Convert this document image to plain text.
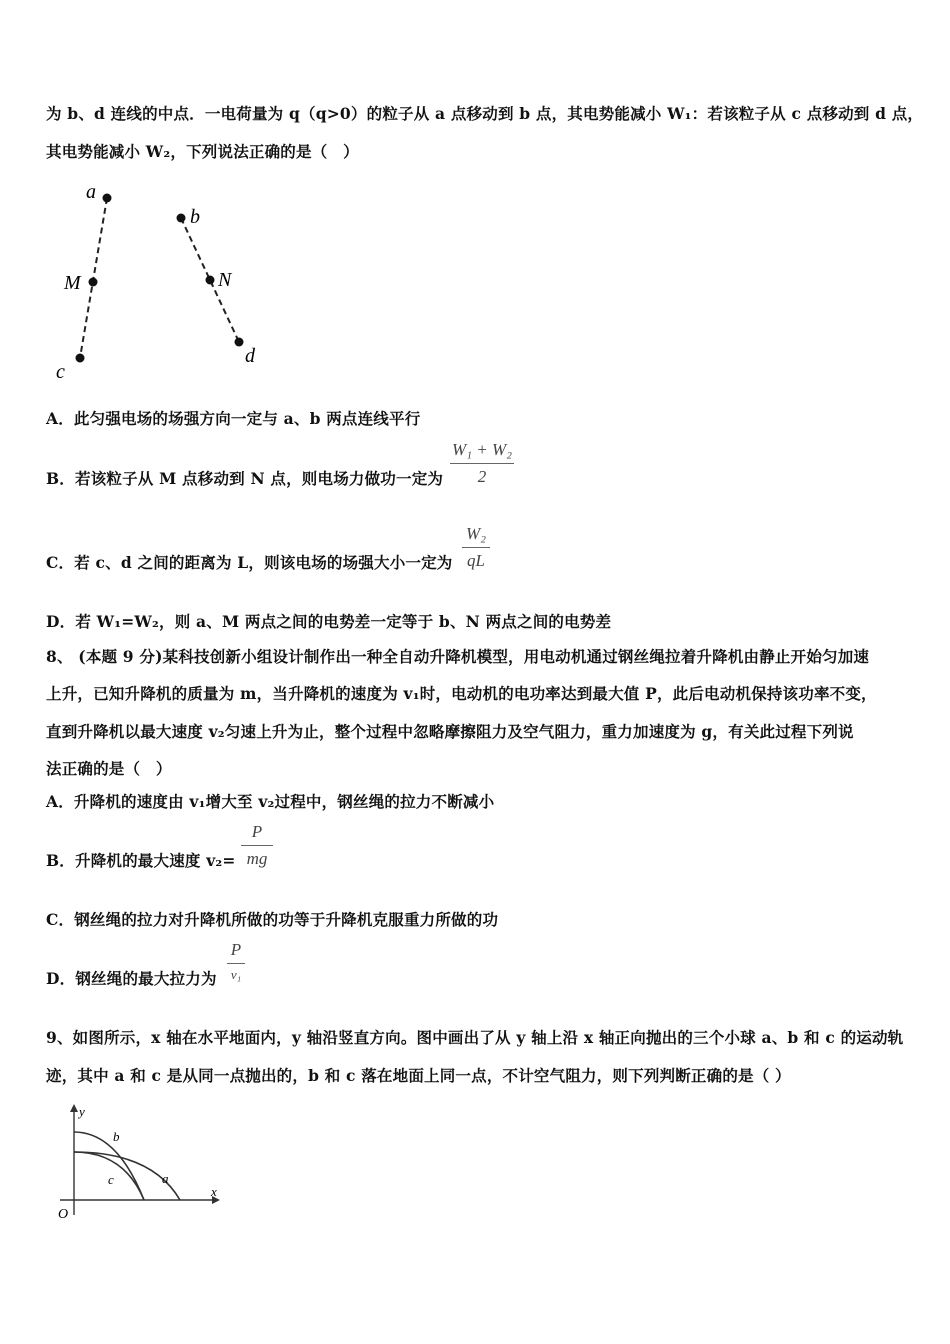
为 b、d 连线的中点．一电荷量为 q（q>0）的粒子从 a 点移动到 b 点，其电势能减小 W₁：若该粒子从 c 点移动到 d 点，
其电势能减小 W₂，下列说法正确的是（　）
a
M
c
b
N
d
A．此匀强电场的场强方向一定与 a、b 两点连线平行
B．若该粒子从 M 点移动到 N 点，则电场力做功一定为
W₁ + W₂
2
C．若 c、d 之间的距离为 L，则该电场的场强大小一定为
W₂
qL
D．若 W₁=W₂，则 a、M 两点之间的电势差一定等于 b、N 两点之间的电势差
8、 (本题 9 分)某科技创新小组设计制作出一种全自动升降机模型，用电动机通过钢丝绳拉着升降机由静止开始匀加速
上升，已知升降机的质量为 m，当升降机的速度为 v₁时，电动机的电功率达到最大值 P，此后电动机保持该功率不变，
直到升降机以最大速度 v₂匀速上升为止，整个过程中忽略摩擦阻力及空气阻力，重力加速度为 g，有关此过程下列说
法正确的是（　）
A．升降机的速度由 v₁增大至 v₂过程中，钢丝绳的拉力不断减小
B．升降机的最大速度 v₂=
P
mg
C．钢丝绳的拉力对升降机所做的功等于升降机克服重力所做的功
D．钢丝绳的最大拉力为
P
v₁
9、如图所示，x 轴在水平地面内，y 轴沿竖直方向。图中画出了从 y 轴上沿 x 轴正向抛出的三个小球 a、b 和 c 的运动轨
迹，其中 a 和 c 是从同一点抛出的，b 和 c 落在地面上同一点，不计空气阻力，则下列判断正确的是（ ）
y
x
O
b
c	a
